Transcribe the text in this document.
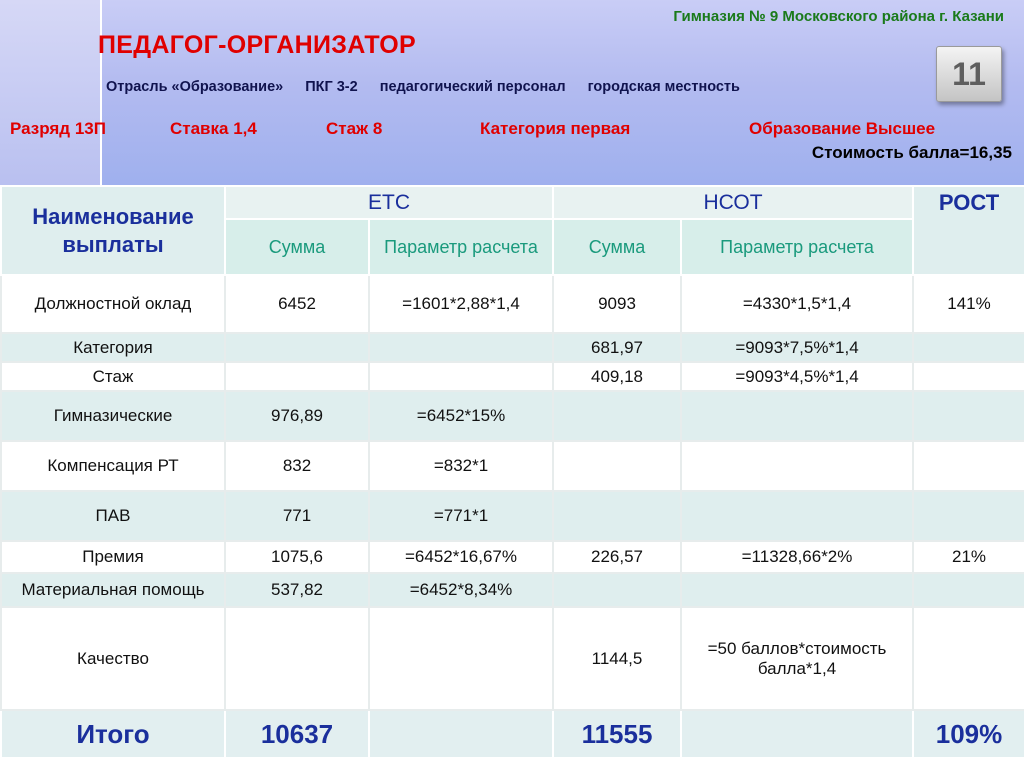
Гимназия № 9 Московского района г. Казани
ПЕДАГОГ-ОРГАНИЗАТОР
11
Отрасль «Образование» ПКГ 3-2 педагогический персонал городская местность
Разряд 13П	Ставка 1,4	Стаж 8	Категория первая	Образование Высшее
Стоимость балла=16,35
Наименование выплаты	ЕТС		НСОТ		РОСТ
	Сумма	Параметр расчета	Сумма	Параметр расчета	
Должностной оклад	6452	=1601*2,88*1,4	9093	=4330*1,5*1,4	141%
Категория			681,97	=9093*7,5%*1,4	
Стаж			409,18	=9093*4,5%*1,4	
Гимназические	976,89	=6452*15%			
Компенсация РТ	832	=832*1			
ПАВ	771	=771*1			
Премия	1075,6	=6452*16,67%	226,57	=11328,66*2%	21%
Материальная помощь	537,82	=6452*8,34%			
Качество			1144,5	=50 баллов*стоимость балла*1,4	
Итого	10637		11555		109%
